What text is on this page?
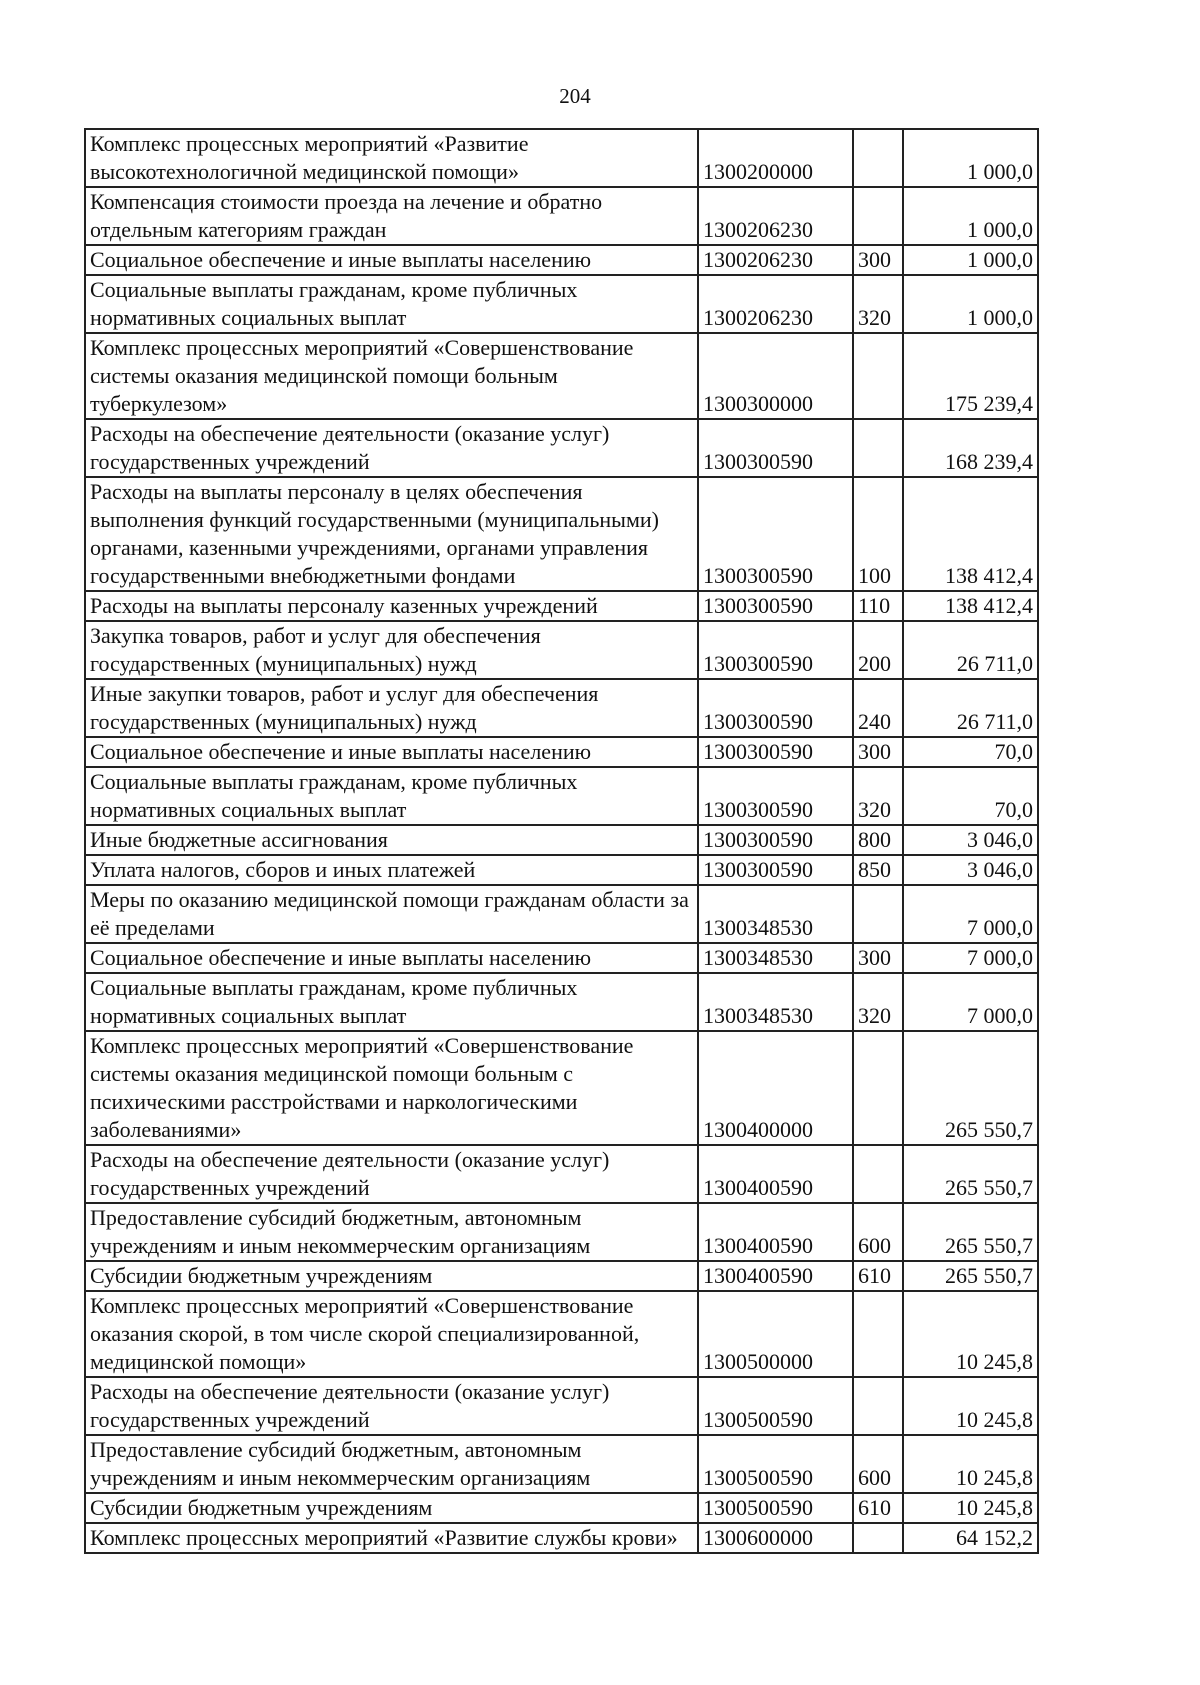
204
Комплекс процессных мероприятий «Развитие высокотехнологичной медицинской помощи»	1300200000		1 000,0
Компенсация стоимости проезда на лечение и обратно отдельным категориям граждан	1300206230		1 000,0
Социальное обеспечение и иные выплаты населению	1300206230	300	1 000,0
Социальные выплаты гражданам, кроме публичных нормативных социальных выплат	1300206230	320	1 000,0
Комплекс процессных мероприятий «Совершенствование системы оказания медицинской помощи больным туберкулезом»	1300300000		175 239,4
Расходы на обеспечение деятельности (оказание услуг) государственных учреждений	1300300590		168 239,4
Расходы на выплаты персоналу в целях обеспечения выполнения функций государственными (муниципальными) органами, казенными учреждениями, органами управления государственными внебюджетными фондами	1300300590	100	138 412,4
Расходы на выплаты персоналу казенных учреждений	1300300590	110	138 412,4
Закупка товаров, работ и услуг для обеспечения государственных (муниципальных) нужд	1300300590	200	26 711,0
Иные закупки товаров, работ и услуг для обеспечения государственных (муниципальных) нужд	1300300590	240	26 711,0
Социальное обеспечение и иные выплаты населению	1300300590	300	70,0
Социальные выплаты гражданам, кроме публичных нормативных социальных выплат	1300300590	320	70,0
Иные бюджетные ассигнования	1300300590	800	3 046,0
Уплата налогов, сборов и иных платежей	1300300590	850	3 046,0
Меры по оказанию медицинской помощи гражданам области за её пределами	1300348530		7 000,0
Социальное обеспечение и иные выплаты населению	1300348530	300	7 000,0
Социальные выплаты гражданам, кроме публичных нормативных социальных выплат	1300348530	320	7 000,0
Комплекс процессных мероприятий «Совершенствование системы оказания медицинской помощи больным с психическими расстройствами и наркологическими заболеваниями»	1300400000		265 550,7
Расходы на обеспечение деятельности (оказание услуг) государственных учреждений	1300400590		265 550,7
Предоставление субсидий бюджетным, автономным учреждениям и иным некоммерческим организациям	1300400590	600	265 550,7
Субсидии бюджетным учреждениям	1300400590	610	265 550,7
Комплекс процессных мероприятий «Совершенствование оказания скорой, в том числе скорой специализированной, медицинской помощи»	1300500000		10 245,8
Расходы на обеспечение деятельности (оказание услуг) государственных учреждений	1300500590		10 245,8
Предоставление субсидий бюджетным, автономным учреждениям и иным некоммерческим организациям	1300500590	600	10 245,8
Субсидии бюджетным учреждениям	1300500590	610	10 245,8
Комплекс процессных мероприятий «Развитие службы крови»	1300600000		64 152,2
